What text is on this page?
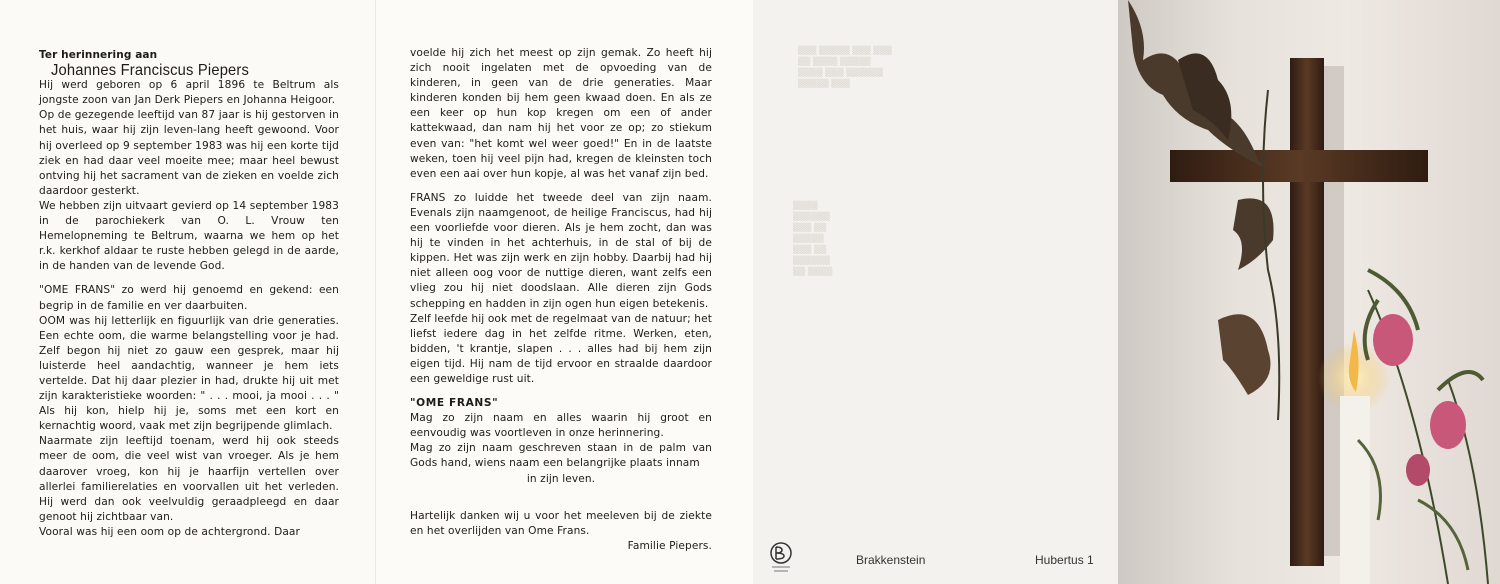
Ter herinnering aan

Johannes Franciscus Piepers

Hij werd geboren op 6 april 1896 te Beltrum als jongste zoon van Jan Derk Piepers en Johanna Heigoor.

Op de gezegende leeftijd van 87 jaar is hij gestorven in het huis, waar hij zijn leven-lang heeft gewoond. Voor hij overleed op 9 september 1983 was hij een korte tijd ziek en had daar veel moeite mee; maar heel bewust ontving hij het sacrament van de zieken en voelde zich daardoor gesterkt.

We hebben zijn uitvaart gevierd op 14 september 1983 in de parochiekerk van O. L. Vrouw ten Hemelopneming te Beltrum, waarna we hem op het r.k. kerkhof aldaar te ruste hebben gelegd in de aarde, in de handen van de levende God.

"OME FRANS" zo werd hij genoemd en gekend: een begrip in de familie en ver daarbuiten.

OOM was hij letterlijk en figuurlijk van drie generaties. Een echte oom, die warme belangstelling voor je had. Zelf begon hij niet zo gauw een gesprek, maar hij luisterde heel aandachtig, wanneer je hem iets vertelde. Dat hij daar plezier in had, drukte hij uit met zijn karakteristieke woorden: " . . . mooi, ja mooi . . . " Als hij kon, hielp hij je, soms met een kort en kernachtig woord, vaak met zijn begrijpende glimlach.

Naarmate zijn leeftijd toenam, werd hij ook steeds meer de oom, die veel wist van vroeger. Als je hem daarover vroeg, kon hij je haarfijn vertellen over allerlei familierelaties en voorvallen uit het verleden. Hij werd dan ook veelvuldig geraadpleegd en daar genoot hij zichtbaar van.

Vooral was hij een oom op de achtergrond. Daar

voelde hij zich het meest op zijn gemak. Zo heeft hij zich nooit ingelaten met de opvoeding van de kinderen, in geen van de drie generaties. Maar kinderen konden bij hem geen kwaad doen. En als ze een keer op hun kop kregen om een of ander kattekwaad, dan nam hij het voor ze op; zo stiekum even van: "het komt wel weer goed!" En in de laatste weken, toen hij veel pijn had, kregen de kleinsten toch even een aai over hun kopje, al was het vanaf zijn bed.

FRANS zo luidde het tweede deel van zijn naam. Evenals zijn naamgenoot, de heilige Franciscus, had hij een voorliefde voor dieren. Als je hem zocht, dan was hij te vinden in het achterhuis, in de stal of bij de kippen. Het was zijn werk en zijn hobby. Daarbij had hij niet alleen oog voor de nuttige dieren, want zelfs een vlieg zou hij niet doodslaan. Alle dieren zijn Gods schepping en hadden in zijn ogen hun eigen betekenis.

Zelf leefde hij ook met de regelmaat van de natuur; het liefst iedere dag in het zelfde ritme. Werken, eten, bidden, 't krantje, slapen . . . alles had bij hem zijn eigen tijd. Hij nam de tijd ervoor en straalde daardoor een geweldige rust uit.

"OME FRANS"

Mag zo zijn naam en alles waarin hij groot en eenvoudig was voortleven in onze herinnering.

Mag zo zijn naam geschreven staan in de palm van Gods hand, wiens naam een belangrijke plaats innam

in zijn leven.

Hartelijk danken wij u voor het meeleven bij de ziekte en het overlijden van Ome Frans.

Familie Piepers.

▒▒▒ ▒▒▒▒▒ ▒▒▒ ▒▒▒
▒▒ ▒▒▒▒ ▒▒▒▒▒
▒▒▒▒ ▒▒▒ ▒▒▒▒▒▒
▒▒▒▒▒ ▒▒▒
▒▒▒▒
▒▒▒▒▒▒
▒▒▒ ▒▒
▒▒▒▒▒
▒▒▒ ▒▒
▒▒▒▒▒▒
▒▒ ▒▒▒▒
Brakkenstein	Hubertus 1
